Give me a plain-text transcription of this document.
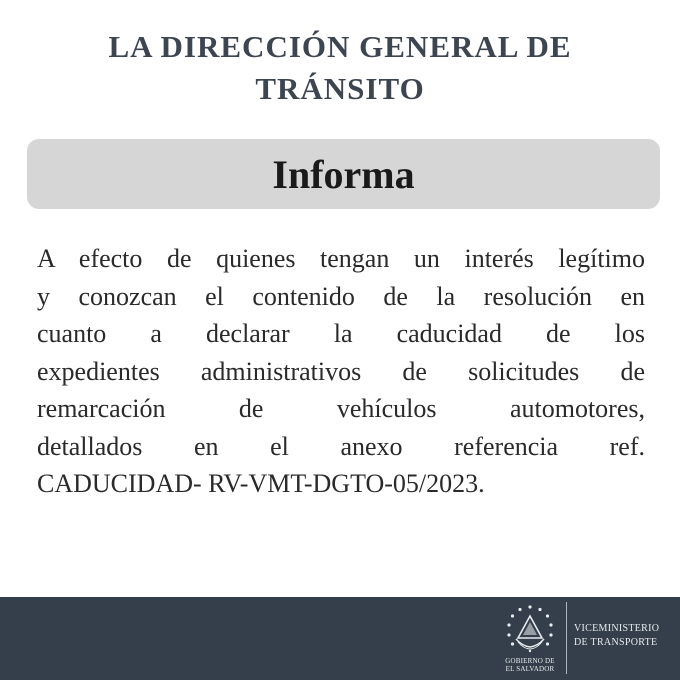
LA DIRECCIÓN GENERAL DE
TRÁNSITO
Informa
A efecto de quienes tengan un interés legítimo
y conozcan el contenido de la resolución en
cuanto a declarar la caducidad de los
expedientes administrativos de solicitudes de
remarcación de vehículos automotores,
detallados en el anexo referencia ref.
CADUCIDAD- RV-VMT-DGTO-05/2023.
GOBIERNO DE
EL SALVADOR
VICEMINISTERIO
DE TRANSPORTE
